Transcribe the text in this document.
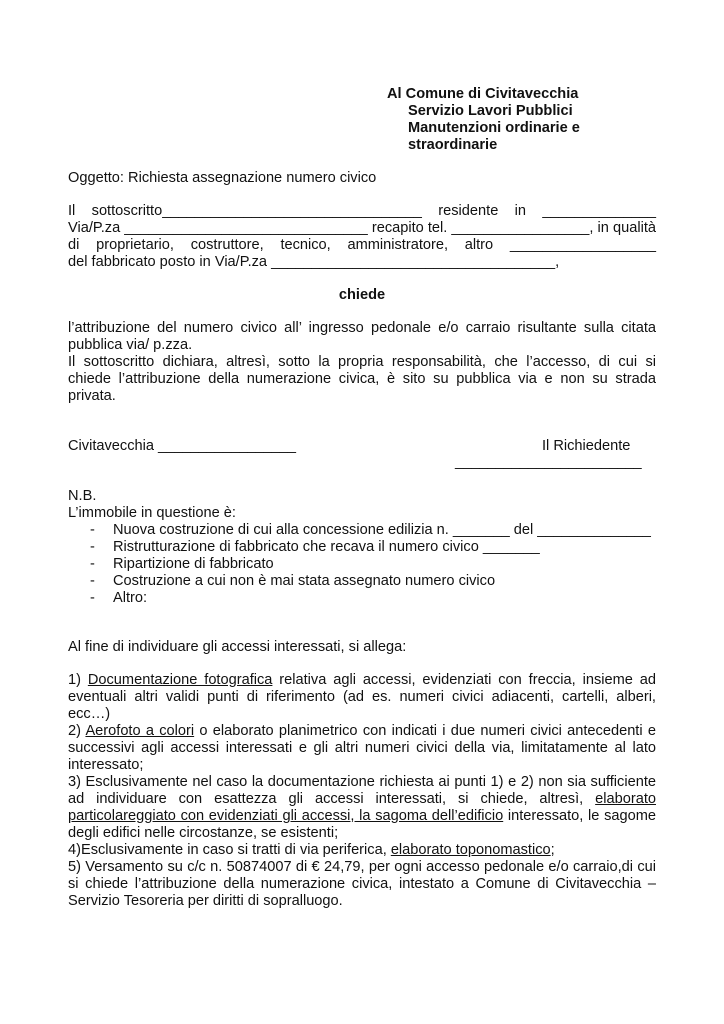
Al Comune di Civitavecchia
Servizio Lavori Pubblici
Manutenzioni ordinarie e
straordinarie
Oggetto: Richiesta assegnazione numero civico
Il sottoscritto________________________________ residente in ______________
Via/P.za ______________________________ recapito tel. _________________, in qualità
di proprietario, costruttore, tecnico, amministratore, altro __________________
del fabbricato posto in Via/P.za ___________________________________,
chiede
l’attribuzione del numero civico all’ ingresso pedonale e/o carraio risultante sulla citata
pubblica via/ p.zza.
Il sottoscritto dichiara, altresì, sotto la propria responsabilità, che l’accesso, di cui si
chiede l’attribuzione della numerazione civica, è sito su pubblica via e non su strada
privata.
Civitavecchia _________________	Il Richiedente
_______________________
N.B.
L’immobile in questione è:
- Nuova costruzione di cui alla concessione edilizia n. _______ del ______________
- Ristrutturazione di fabbricato che recava il numero civico _______
- Ripartizione di fabbricato
- Costruzione a cui non è mai stata assegnato numero civico
- Altro:
Al fine di individuare gli accessi interessati, si allega:
1) Documentazione fotografica relativa agli accessi, evidenziati con freccia, insieme ad
eventuali altri validi punti di riferimento (ad es. numeri civici adiacenti, cartelli, alberi,
ecc…)
2) Aerofoto a colori o elaborato planimetrico con indicati i due numeri civici antecedenti e
successivi agli accessi interessati e gli altri numeri civici della via, limitatamente al lato
interessato;
3) Esclusivamente nel caso la documentazione richiesta ai punti 1) e 2) non sia sufficiente
ad individuare con esattezza gli accessi interessati, si chiede, altresì, elaborato
particolareggiato con evidenziati gli accessi, la sagoma dell’edificio interessato, le sagome
degli edifici nelle circostanze, se esistenti;
4)Esclusivamente in caso si tratti di via periferica, elaborato toponomastico;
5) Versamento su c/c n. 50874007 di € 24,79, per ogni accesso pedonale e/o carraio,di cui
si chiede l’attribuzione della numerazione civica, intestato a Comune di Civitavecchia –
Servizio Tesoreria per diritti di sopralluogo.
